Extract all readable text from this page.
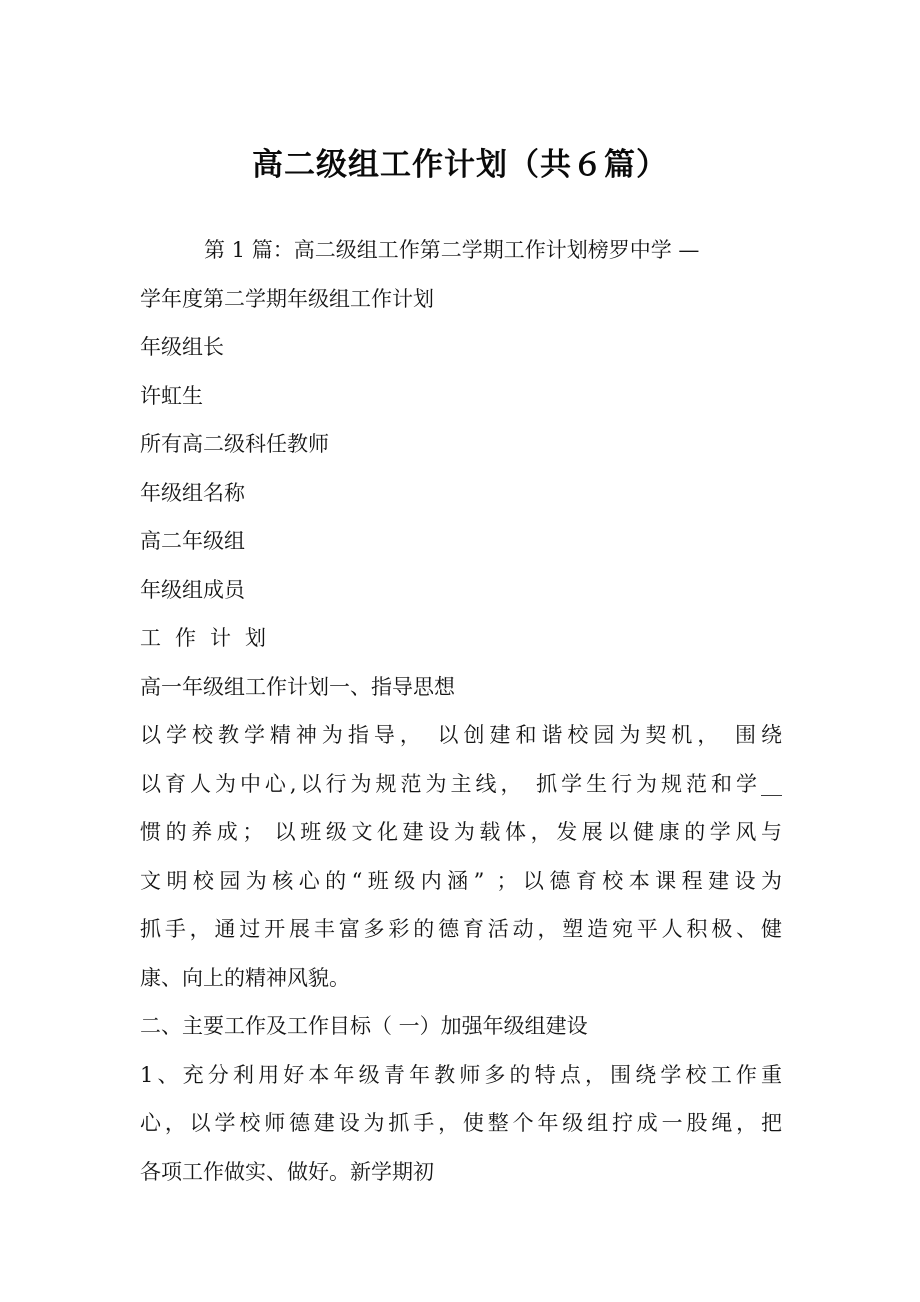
高二级组工作计划（共６篇）
第 1 篇：高二级组工作第二学期工作计划榜罗中学 —
学年度第二学期年级组工作计划
年级组长
许虹生
所有高二级科任教师
年级组名称
高二年级组
年级组成员
工作计划
高一年级组工作计划一、指导思想
以学校教学精神为指导， 以创建和谐校园为契机， 围绕
以育人为中心,以行为规范为主线， 抓学生行为规范和学__
惯的养成； 以班级文化建设为载体，发展以健康的学风与
文明校园为核心的“班级内涵” ；以德育校本课程建设为
抓手，通过开展丰富多彩的德育活动，塑造宛平人积极、健
康、向上的精神风貌。
二、主要工作及工作目标（ 一）加强年级组建设
1、充分利用好本年级青年教师多的特点，围绕学校工作重
心，以学校师德建设为抓手，使整个年级组拧成一股绳，把
各项工作做实、做好。新学期初
